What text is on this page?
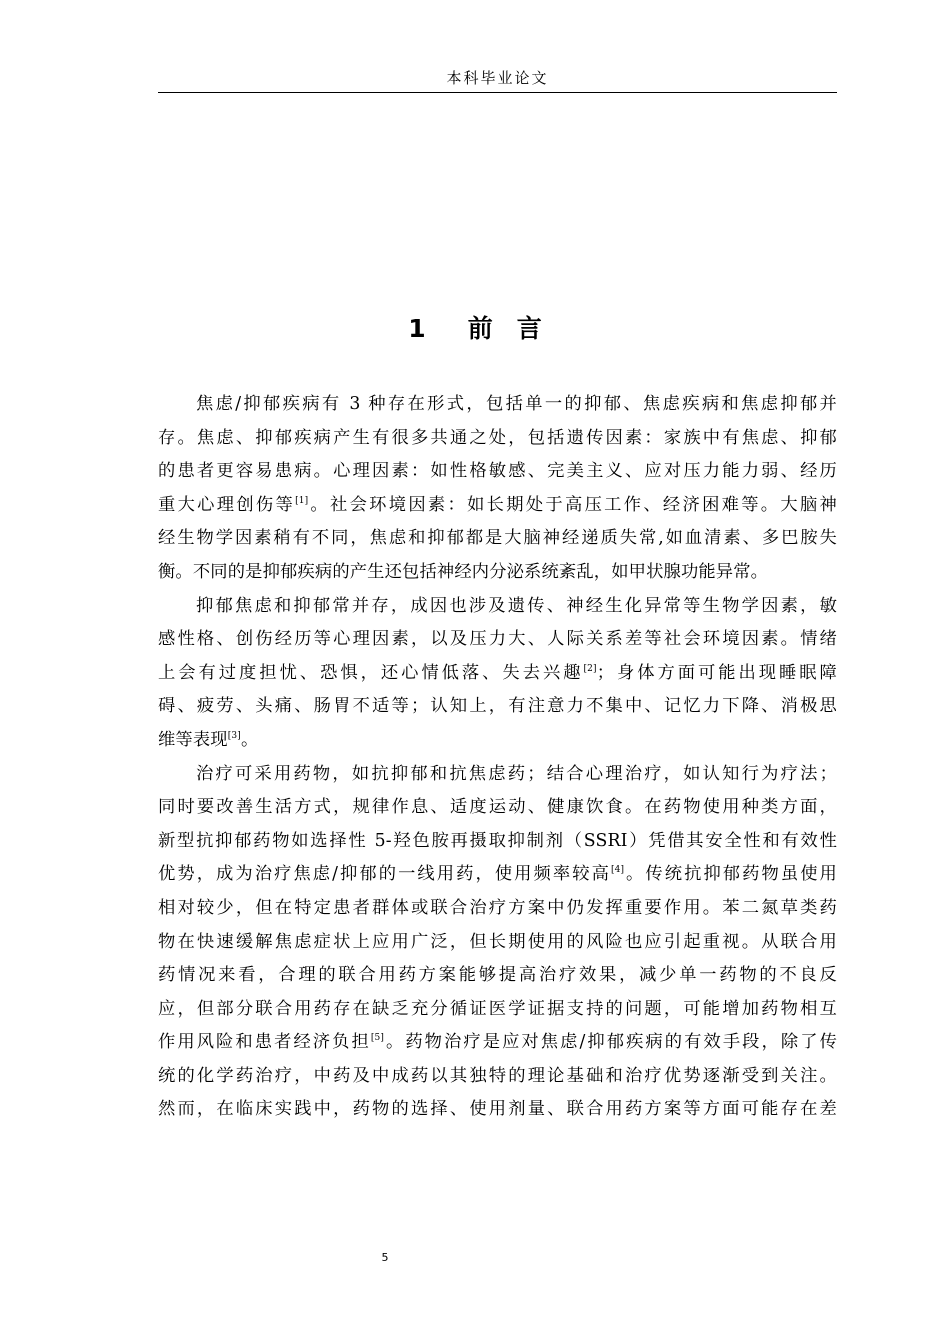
本科毕业论文
1 前 言
焦虑/抑郁疾病有 3 种存在形式，包括单一的抑郁、焦虑疾病和焦虑抑郁并
存。焦虑、抑郁疾病产生有很多共通之处，包括遗传因素：家族中有焦虑、抑郁
的患者更容易患病。心理因素：如性格敏感、完美主义、应对压力能力弱、经历
重大心理创伤等[1]。社会环境因素：如长期处于高压工作、经济困难等。大脑神
经生物学因素稍有不同，焦虑和抑郁都是大脑神经递质失常,如血清素、多巴胺失
衡。不同的是抑郁疾病的产生还包括神经内分泌系统紊乱，如甲状腺功能异常。
抑郁焦虑和抑郁常并存，成因也涉及遗传、神经生化异常等生物学因素，敏
感性格、创伤经历等心理因素，以及压力大、人际关系差等社会环境因素。情绪
上会有过度担忧、恐惧，还心情低落、失去兴趣[2]；身体方面可能出现睡眠障
碍、疲劳、头痛、肠胃不适等；认知上，有注意力不集中、记忆力下降、消极思
维等表现[3]。
治疗可采用药物，如抗抑郁和抗焦虑药；结合心理治疗，如认知行为疗法；
同时要改善生活方式，规律作息、适度运动、健康饮食。在药物使用种类方面，
新型抗抑郁药物如选择性 5-羟色胺再摄取抑制剂（SSRI）凭借其安全性和有效性
优势，成为治疗焦虑/抑郁的一线用药，使用频率较高[4]。传统抗抑郁药物虽使用
相对较少，但在特定患者群体或联合治疗方案中仍发挥重要作用。苯二氮草类药
物在快速缓解焦虑症状上应用广泛，但长期使用的风险也应引起重视。从联合用
药情况来看，合理的联合用药方案能够提高治疗效果，减少单一药物的不良反
应，但部分联合用药存在缺乏充分循证医学证据支持的问题，可能增加药物相互
作用风险和患者经济负担[5]。药物治疗是应对焦虑/抑郁疾病的有效手段，除了传
统的化学药治疗，中药及中成药以其独特的理论基础和治疗优势逐渐受到关注。
然而，在临床实践中，药物的选择、使用剂量、联合用药方案等方面可能存在差
5
